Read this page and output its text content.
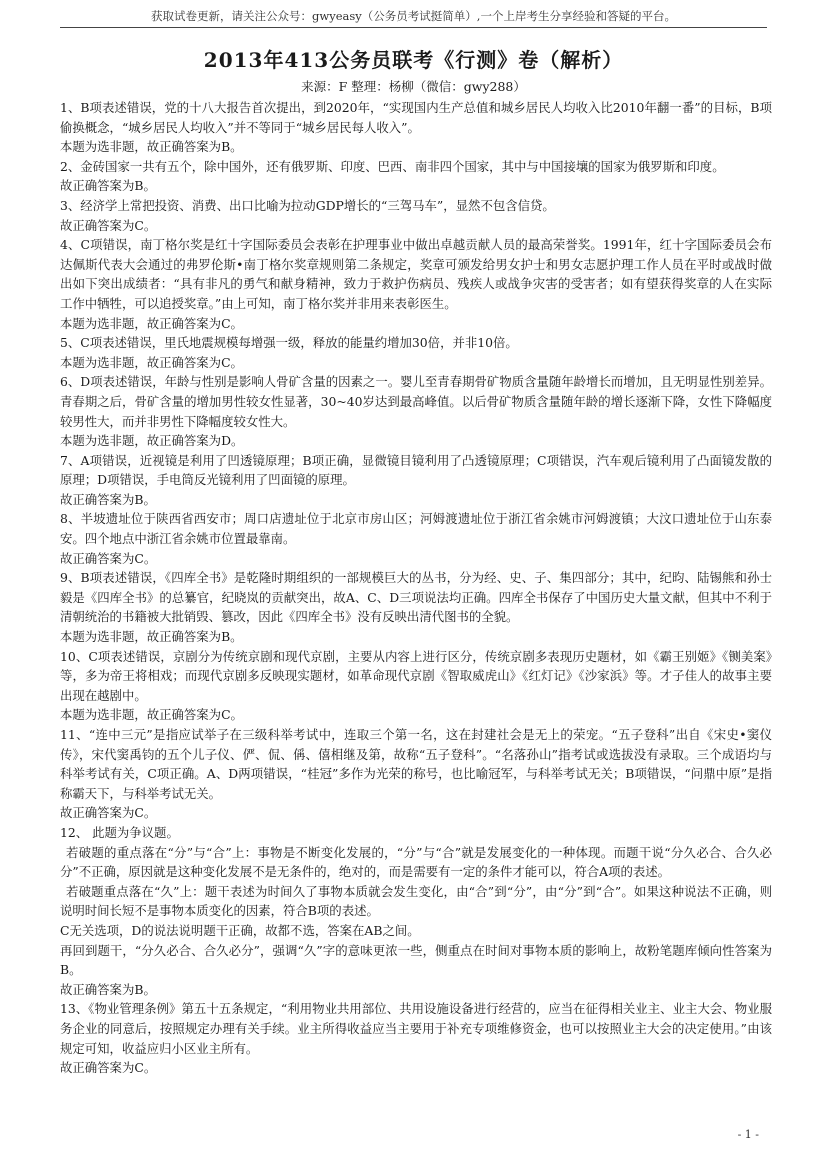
获取试卷更新，请关注公众号：gwyeasy（公务员考试挺简单）,一个上岸考生分享经验和答疑的平台。
2013年413公务员联考《行测》卷（解析）
来源：F 整理：杨柳（微信：gwy288）

1、B项表述错误，党的十八大报告首次提出，到2020年，“实现国内生产总值和城乡居民人均收入比2010年翻一番”的目标，B项偷换概念，“城乡居民人均收入”并不等同于“城乡居民每人收入”。

本题为选非题，故正确答案为B。

2、金砖国家一共有五个，除中国外，还有俄罗斯、印度、巴西、南非四个国家，其中与中国接壤的国家为俄罗斯和印度。

故正确答案为B。

3、经济学上常把投资、消费、出口比喻为拉动GDP增长的“三驾马车”，显然不包含信贷。

故正确答案为C。

4、C项错误，南丁格尔奖是红十字国际委员会表彰在护理事业中做出卓越贡献人员的最高荣誉奖。1991年，红十字国际委员会布达佩斯代表大会通过的弗罗伦斯•南丁格尔奖章规则第二条规定，奖章可颁发给男女护士和男女志愿护理工作人员在平时或战时做出如下突出成绩者：“具有非凡的勇气和献身精神，致力于救护伤病员、残疾人或战争灾害的受害者；如有望获得奖章的人在实际工作中牺牲，可以追授奖章。”由上可知，南丁格尔奖并非用来表彰医生。

本题为选非题，故正确答案为C。

5、C项表述错误，里氏地震规模每增强一级，释放的能量约增加30倍，并非10倍。

本题为选非题，故正确答案为C。

6、D项表述错误，年龄与性别是影响人骨矿含量的因素之一。婴儿至青春期骨矿物质含量随年龄增长而增加，且无明显性别差异。青春期之后，骨矿含量的增加男性较女性显著，30~40岁达到最高峰值。以后骨矿物质含量随年龄的增长逐渐下降，女性下降幅度较男性大，而并非男性下降幅度较女性大。

本题为选非题，故正确答案为D。

7、A项错误，近视镜是利用了凹透镜原理；B项正确，显微镜目镜利用了凸透镜原理；C项错误，汽车观后镜利用了凸面镜发散的原理；D项错误，手电筒反光镜利用了凹面镜的原理。

故正确答案为B。

8、半坡遗址位于陕西省西安市；周口店遗址位于北京市房山区；河姆渡遗址位于浙江省余姚市河姆渡镇；大汶口遗址位于山东泰安。四个地点中浙江省余姚市位置最靠南。

故正确答案为C。

9、B项表述错误，《四库全书》是乾隆时期组织的一部规模巨大的丛书，分为经、史、子、集四部分；其中，纪昀、陆锡熊和孙士毅是《四库全书》的总纂官，纪晓岚的贡献突出，故A、C、D三项说法均正确。四库全书保存了中国历史大量文献，但其中不利于清朝统治的书籍被大批销毁、篡改，因此《四库全书》没有反映出清代图书的全貌。

本题为选非题，故正确答案为B。

10、C项表述错误，京剧分为传统京剧和现代京剧，主要从内容上进行区分，传统京剧多表现历史题材，如《霸王别姬》《铡美案》等，多为帝王将相戏；而现代京剧多反映现实题材，如革命现代京剧《智取威虎山》《红灯记》《沙家浜》等。才子佳人的故事主要出现在越剧中。

本题为选非题，故正确答案为C。

11、“连中三元”是指应试举子在三级科举考试中，连取三个第一名，这在封建社会是无上的荣宠。“五子登科”出自《宋史•窦仪传》，宋代窦禹钧的五个儿子仪、俨、侃、偁、僖相继及第，故称“五子登科”。“名落孙山”指考试或选拔没有录取。三个成语均与科举考试有关，C项正确。A、D两项错误，“桂冠”多作为光荣的称号，也比喻冠军，与科举考试无关；B项错误，“问鼎中原”是指称霸天下，与科举考试无关。

故正确答案为C。

12、 此题为争议题。

若破题的重点落在“分”与“合”上：事物是不断变化发展的，“分”与“合”就是发展变化的一种体现。而题干说“分久必合、合久必分”不正确，原因就是这种变化发展不是无条件的，绝对的，而是需要有一定的条件才能可以，符合A项的表述。

若破题重点落在“久”上：题干表述为时间久了事物本质就会发生变化，由“合”到“分”，由“分”到“合”。如果这种说法不正确，则说明时间长短不是事物本质变化的因素，符合B项的表述。

C无关选项，D的说法说明题干正确，故都不选，答案在AB之间。

再回到题干，“分久必合、合久必分”，强调“久”字的意味更浓一些，侧重点在时间对事物本质的影响上，故粉笔题库倾向性答案为B。

故正确答案为B。

13、《物业管理条例》第五十五条规定，“利用物业共用部位、共用设施设备进行经营的，应当在征得相关业主、业主大会、物业服务企业的同意后，按照规定办理有关手续。业主所得收益应当主要用于补充专项维修资金，也可以按照业主大会的决定使用。”由该规定可知，收益应归小区业主所有。

故正确答案为C。

- 1 -
